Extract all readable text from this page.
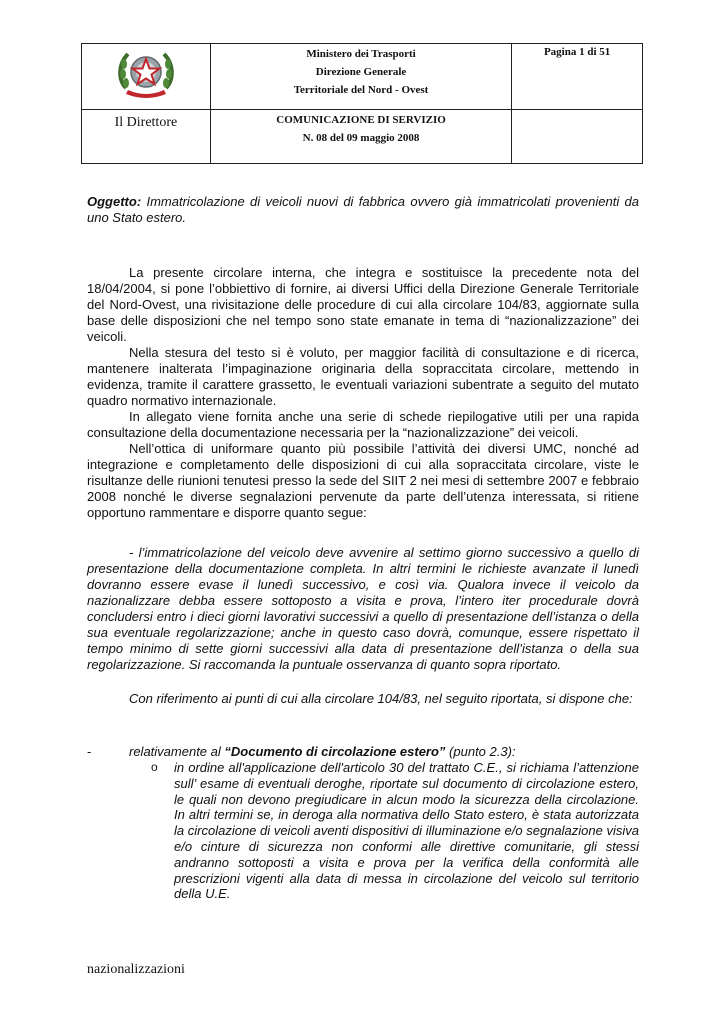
Ministero dei Trasporti
Direzione Generale
Territoriale del Nord - Ovest	Pagina 1 di 51
Il Direttore	COMUNICAZIONE DI SERVIZIO
N. 08 del 09 maggio 2008	

Oggetto: Immatricolazione di veicoli nuovi di fabbrica ovvero già immatricolati provenienti da uno Stato estero.
La presente circolare interna, che integra e sostituisce la precedente nota del 18/04/2004, si pone l’obbiettivo di fornire, ai diversi Uffici della Direzione Generale Territoriale del Nord-Ovest, una rivisitazione delle procedure di cui alla circolare 104/83, aggiornate sulla base delle disposizioni che nel tempo sono state emanate in tema di “nazionalizzazione” dei veicoli.
Nella stesura del testo si è voluto, per maggior facilità di consultazione e di ricerca, mantenere inalterata l’impaginazione originaria della sopraccitata circolare, mettendo in evidenza, tramite il carattere grassetto, le eventuali variazioni subentrate a seguito del mutato quadro normativo internazionale.
In allegato viene fornita anche una serie di schede riepilogative utili per una rapida consultazione della documentazione necessaria per la “nazionalizzazione” dei veicoli.
Nell’ottica di uniformare quanto più possibile l’attività dei diversi UMC, nonché ad integrazione e completamento delle disposizioni di cui alla sopraccitata circolare, viste le risultanze delle riunioni tenutesi presso la sede del SIIT 2 nei mesi di settembre 2007 e febbraio 2008 nonché le diverse segnalazioni pervenute da parte dell’utenza interessata, si ritiene opportuno rammentare e disporre quanto segue:
- l’immatricolazione del veicolo deve avvenire al settimo giorno successivo a quello di presentazione della documentazione completa. In altri termini le richieste avanzate il lunedì dovranno essere evase il lunedì successivo, e così via. Qualora invece il veicolo da nazionalizzare debba essere sottoposto a visita e prova, l’intero iter procedurale dovrà concludersi entro i dieci giorni lavorativi successivi a quello di presentazione dell’istanza o della sua eventuale regolarizzazione; anche in questo caso dovrà, comunque, essere rispettato il tempo minimo di sette giorni successivi alla data di presentazione dell’istanza o della sua regolarizzazione. Si raccomanda la puntuale osservanza di quanto sopra riportato.
Con riferimento ai punti di cui alla circolare 104/83, nel seguito riportata, si dispone che:
-	relativamente al “Documento di circolazione estero” (punto 2.3):
o in ordine all'applicazione dell'articolo 30 del trattato C.E., si richiama l’attenzione sull’ esame di eventuali deroghe, riportate sul documento di circolazione estero, le quali non devono pregiudicare in alcun modo la sicurezza della circolazione. In altri termini se, in deroga alla normativa dello Stato estero, è stata autorizzata la circolazione di veicoli aventi dispositivi di illuminazione e/o segnalazione visiva e/o cinture di sicurezza non conformi alle direttive comunitarie, gli stessi andranno sottoposti a visita e prova per la verifica della conformità alle prescrizioni vigenti alla data di messa in circolazione del veicolo sul territorio della U.E.
nazionalizzazioni
